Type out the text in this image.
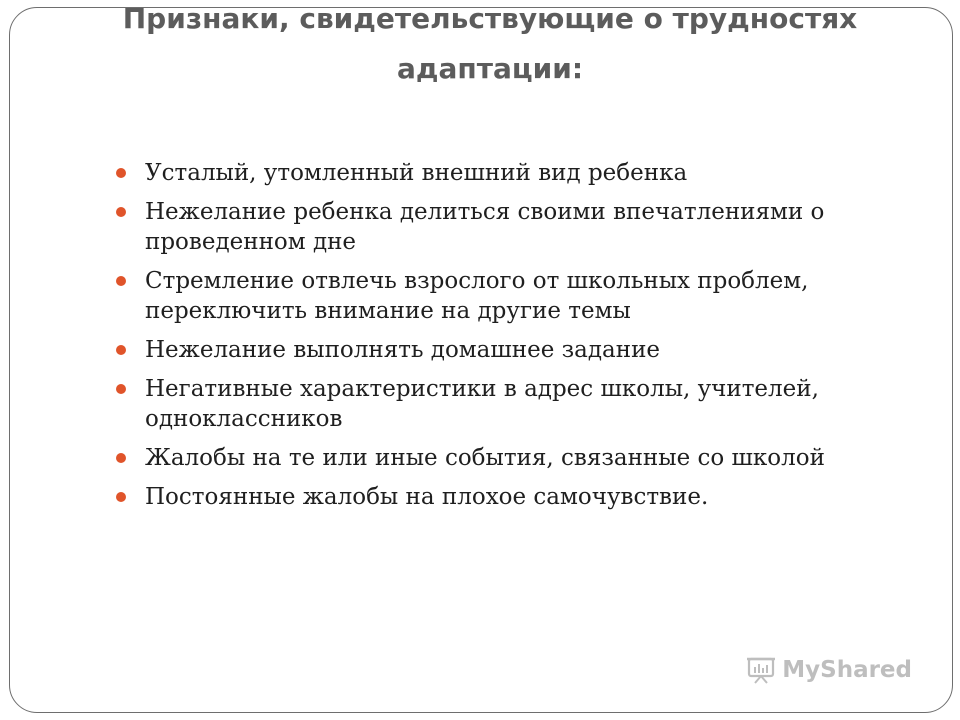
Признаки, свидетельствующие о трудностях адаптации:
Усталый, утомленный внешний вид ребенка
Нежелание ребенка делиться своими впечатлениями о проведенном дне
Стремление отвлечь взрослого от школьных проблем, переключить внимание на другие темы
Нежелание выполнять домашнее задание
Негативные характеристики в адрес школы, учителей, одноклассников
Жалобы на те или иные события, связанные со школой
Постоянные жалобы на плохое самочувствие.
MyShared
